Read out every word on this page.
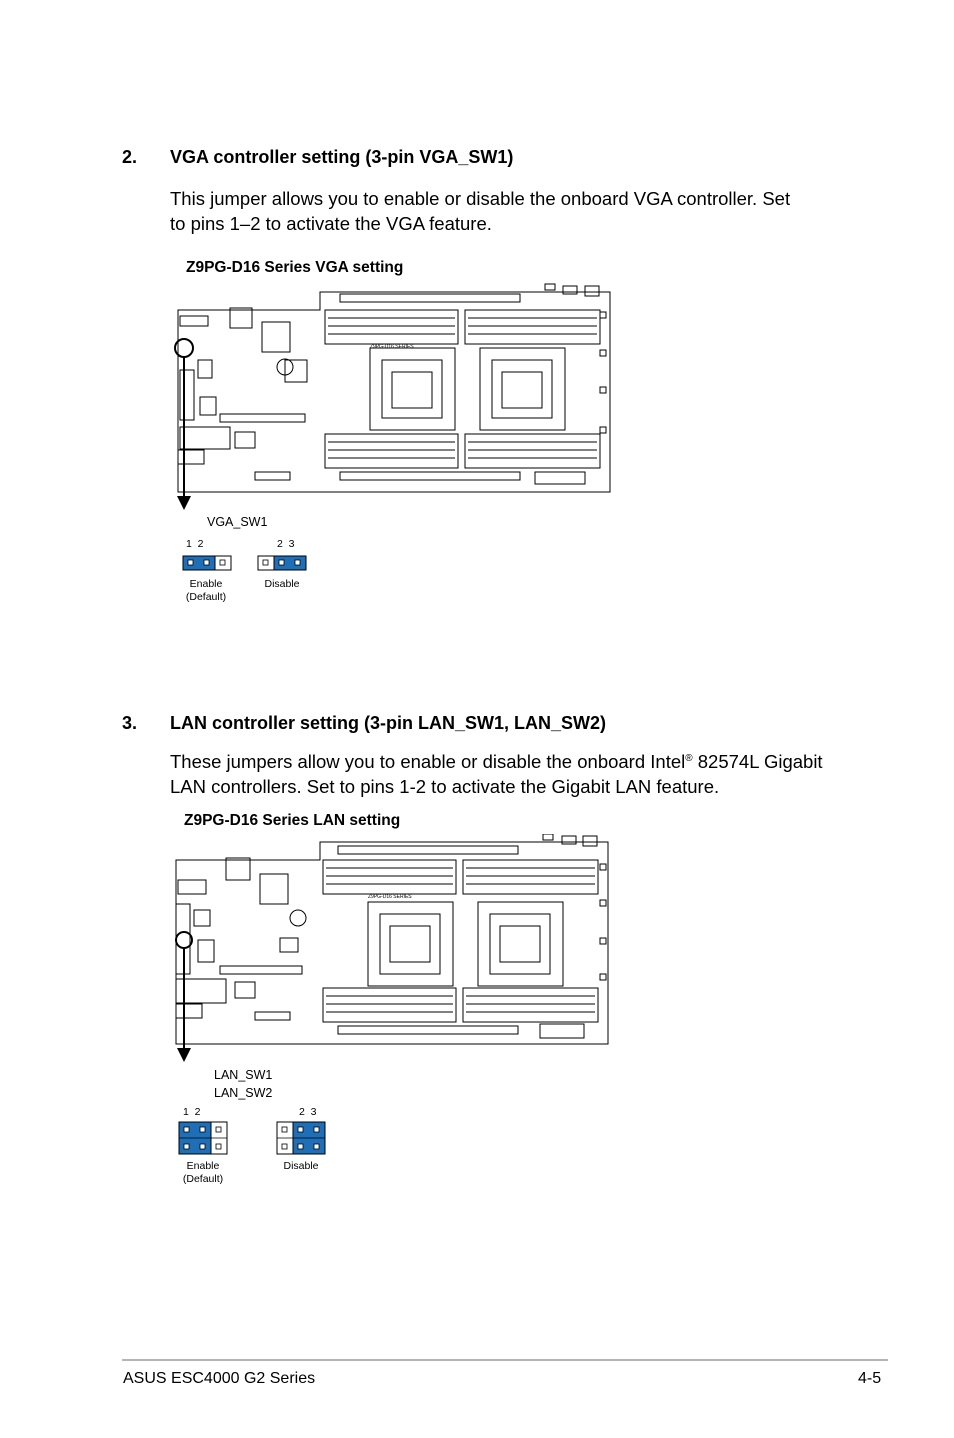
2. VGA controller setting (3-pin VGA_SW1)
This jumper allows you to enable or disable the onboard VGA controller. Set
to pins 1–2 to activate the VGA feature.
Z9PG-D16 Series VGA setting
Z9PG-D16 SERIES
VGA_SW1
1  2	2  3
Enable
(Default)
Disable
3. LAN controller setting (3-pin LAN_SW1, LAN_SW2)
These jumpers allow you to enable or disable the onboard Intel® 82574L Gigabit
LAN controllers. Set to pins 1-2 to activate the Gigabit LAN feature.
Z9PG-D16 Series LAN setting
Z9PG-D16 SERIES
LAN_SW1
LAN_SW2
1  2	2  3
Enable
(Default)
Disable
ASUS ESC4000 G2 Series	4-5
